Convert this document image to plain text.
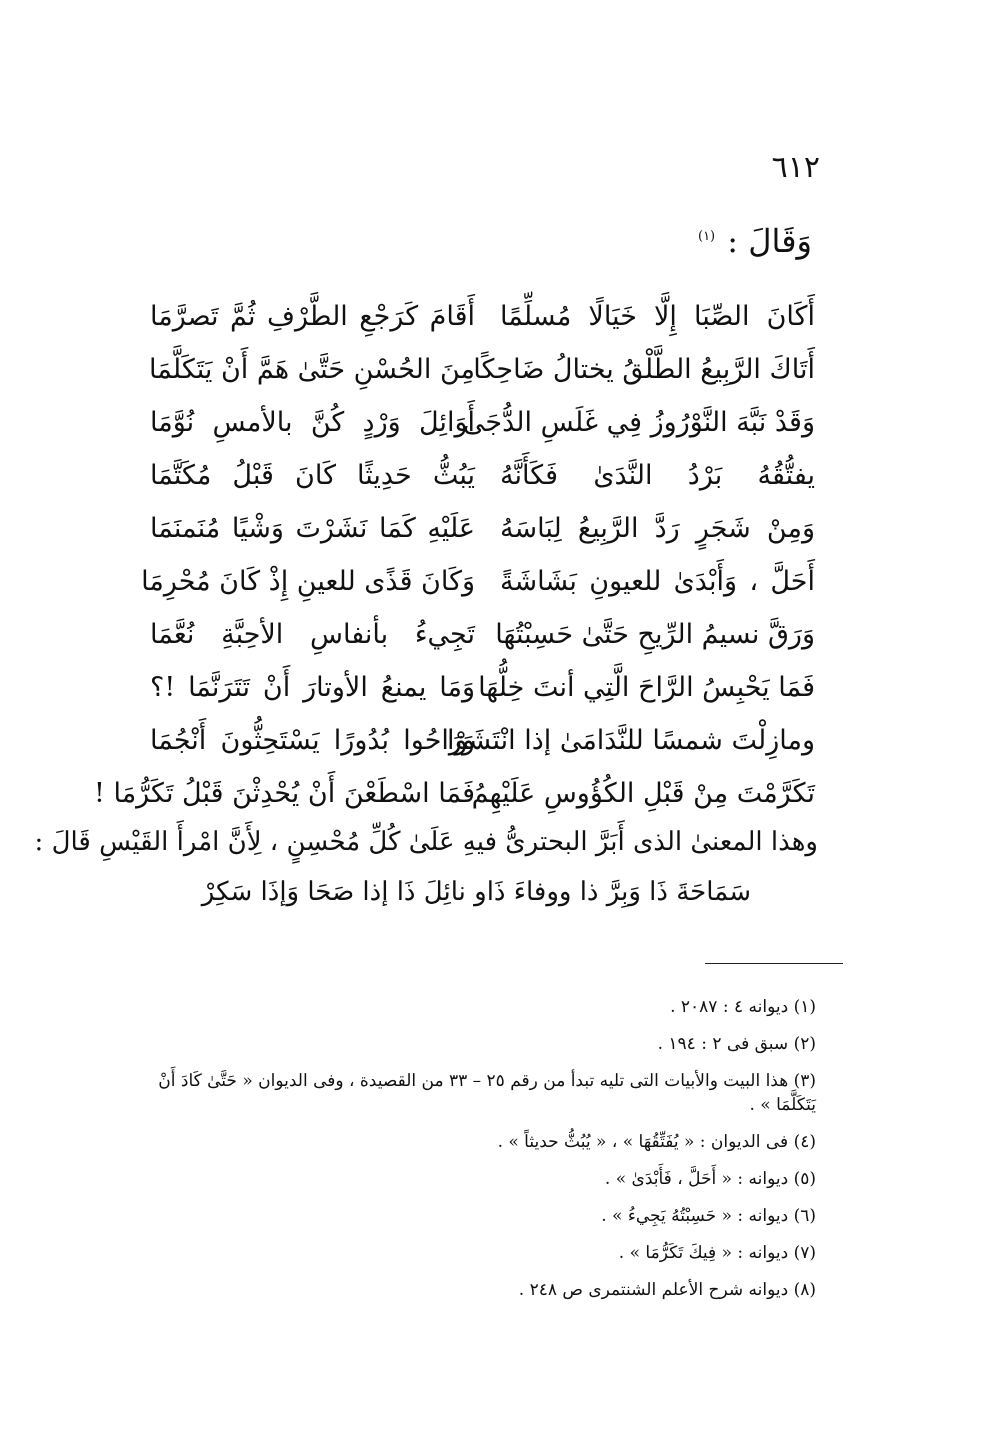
٦١٢
وَقَالَ : $^{(١)}$
أَكَانَ الصِّبَا إِلَّا خَيَالًا مُسلِّمًا
أَقَامَ كَرَجْعِ الطَّرْفِ ثُمَّ تَصرَّمَا
أَتَاكَ الرَّبِيعُ الطَّلْقُ يختالُ ضَاحِكًا
مِنَ الحُسْنِ حَتَّىٰ هَمَّ أَنْ يَتَكَلَّمَا
وَقَدْ نَبَّهَ النَّوْرُوزُ فِي غَلَسِ الدُّجَىٰ
أَوَائِلَ وَرْدٍ كُنَّ بالأمسِ نُوَّمَا
يفتُّقُهُ بَرْدُ النَّدَىٰ فَكَأَنَّهُ
يَبُثُّ حَدِيثًا كَانَ قَبْلُ مُكَتَّمَا
وَمِنْ شَجَرٍ رَدَّ الرَّبِيعُ لِبَاسَهُ
عَلَيْهِ كَمَا نَشَرْتَ وَشْيًا مُنَمنَمَا
أَحَلَّ ، وَأَبْدَىٰ للعيونِ بَشَاشَةً
وَكَانَ قَذًى للعينِ إِذْ كَانَ مُحْرِمَا
وَرَقَّ نسيمُ الرِّيحِ حَتَّىٰ حَسِبْتُهَا
تَجِيءُ بأنفاسِ الأحِبَّةِ نُعَّمَا
فَمَا يَحْبِسُ الرَّاحَ الَّتِي أنتَ خِلُّهَا
وَمَا يمنعُ الأوتارَ أَنْ تَتَرَنَّمَا !؟
ومازِلْتَ شمسًا للنَّدَامَىٰ إذا انْتَشَوْا
وَرَاحُوا بُدُورًا يَسْتَحِثُّونَ أَنْجُمَا
تَكَرَّمْتَ مِنْ قَبْلِ الكُؤُوسِ عَلَيْهِمُ
فَمَا اسْطَعْنَ أَنْ يُحْدِثْنَ قَبْلُ تَكَرُّمَا !
وهذا المعنىٰ الذى أَبَرَّ البحترىُّ فيهِ عَلَىٰ كُلِّ مُحْسِنٍ ، لِأَنَّ امْرأَ القَيْسِ قَالَ :
سَمَاحَةَ ذَا وَبِرَّ ذا ووفاءَ ذَا
و نائِلَ ذَا إذا صَحَا وَإذَا سَكِرْ
(١) ديوانه ٤ : ٢٠٨٧ .
(٢) سبق فى ٢ : ١٩٤ .
(٣) هذا البيت والأبيات التى تليه تبدأ من رقم ٢٥ – ٣٣ من القصيدة ، وفى الديوان « حَتَّىٰ كَادَ أَنْ يَتَكَلَّمَا » .
(٤) فى الديوان : « يُفَتِّقُهَا » ، « يُبُثُّ حديثاً » .
(٥) ديوانه : « أَحَلَّ ، فَأَبْدَىٰ » .
(٦) ديوانه : « حَسِبْتُهُ يَجِيءُ » .
(٧) ديوانه : « فِيكَ تَكَرُّمَا » .
(٨) ديوانه شرح الأعلم الشنتمرى ص ٢٤٨ .
